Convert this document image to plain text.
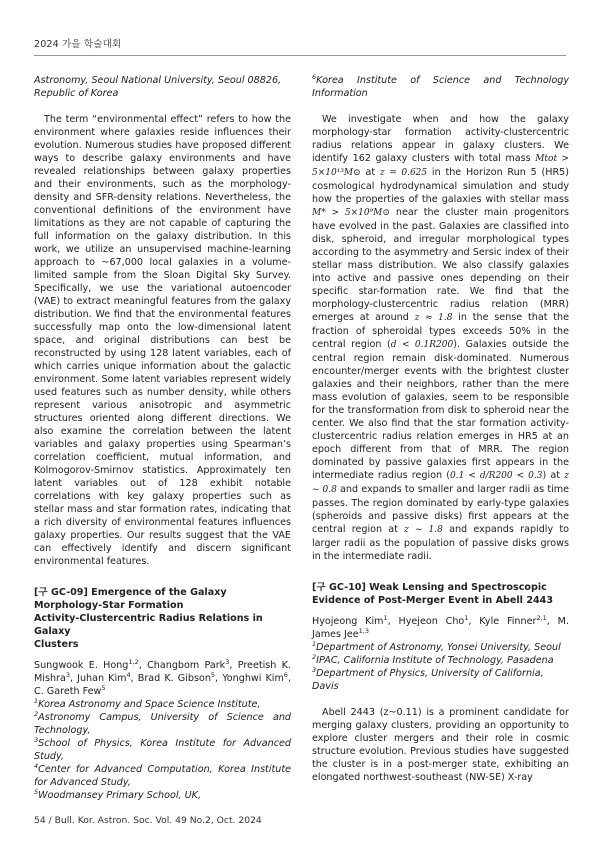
2024 가을 학술대회

Astronomy, Seoul National University, Seoul 08826,
Republic of Korea

The term “environmental effect” refers to how the environment where galaxies reside influences their evolution. Numerous studies have proposed different ways to describe galaxy environments and have revealed relationships between galaxy properties and their environments, such as the morphology-density and SFR-density relations. Nevertheless, the conventional definitions of the environment have limitations as they are not capable of capturing the full information on the galaxy distribution. In this work, we utilize an unsupervised machine-learning approach to ~67,000 local galaxies in a volume-limited sample from the Sloan Digital Sky Survey. Specifically, we use the variational autoencoder (VAE) to extract meaningful features from the galaxy distribution. We find that the environmental features successfully map onto the low-dimensional latent space, and original distributions can best be reconstructed by using 128 latent variables, each of which carries unique information about the galactic environment. Some latent variables represent widely used features such as number density, while others represent various anisotropic and asymmetric structures oriented along different directions. We also examine the correlation between the latent variables and galaxy properties using Spearman’s correlation coefficient, mutual information, and Kolmogorov-Smirnov statistics. Approximately ten latent variables out of 128 exhibit notable correlations with key galaxy properties such as stellar mass and star formation rates, indicating that a rich diversity of environmental features influences galaxy properties. Our results suggest that the VAE can effectively identify and discern significant environmental features.

[구 GC-09] Emergence of the Galaxy
Morphology-Star Formation
Activity-Clustercentric Radius Relations in Galaxy
Clusters

Sungwook E. Hong$^{1,2}$, Changbom Park$^3$, Preetish K. Mishra$^3$, Juhan Kim$^4$, Brad K. Gibson$^5$, Yonghwi Kim$^6$, C. Gareth Few$^5$

$^1$Korea Astronomy and Space Science Institute,
$^2$Astronomy Campus, University of Science and Technology,
$^3$School of Physics, Korea Institute for Advanced Study,
$^4$Center for Advanced Computation, Korea Institute for Advanced Study,
$^5$Woodmansey Primary School, UK,

$^6$Korea Institute of Science and Technology Information

We investigate when and how the galaxy morphology-star formation activity-clustercentric radius relations appear in galaxy clusters. We identify 162 galaxy clusters with total mass Mtot > 5×10¹³M⊙ at z = 0.625 in the Horizon Run 5 (HR5) cosmological hydrodynamical simulation and study how the properties of the galaxies with stellar mass M* > 5×10⁹M⊙ near the cluster main progenitors have evolved in the past. Galaxies are classified into disk, spheroid, and irregular morphological types according to the asymmetry and Sersic index of their stellar mass distribution. We also classify galaxies into active and passive ones depending on their specific star-formation rate. We find that the morphology-clustercentric radius relation (MRR) emerges at around z ≈ 1.8 in the sense that the fraction of spheroidal types exceeds 50% in the central region (d < 0.1R200). Galaxies outside the central region remain disk-dominated. Numerous encounter/merger events with the brightest cluster galaxies and their neighbors, rather than the mere mass evolution of galaxies, seem to be responsible for the transformation from disk to spheroid near the center. We also find that the star formation activity-clustercentric radius relation emerges in HR5 at an epoch different from that of MRR. The region dominated by passive galaxies first appears in the intermediate radius region (0.1 < d/R200 < 0.3) at z ~ 0.8 and expands to smaller and larger radii as time passes. The region dominated by early-type galaxies (spheroids and passive disks) first appears at the central region at z ~ 1.8 and expands rapidly to larger radii as the population of passive disks grows in the intermediate radii.

[구 GC-10] Weak Lensing and Spectroscopic
Evidence of Post-Merger Event in Abell 2443

Hyojeong Kim$^1$, Hyejeon Cho$^1$, Kyle Finner$^{2,1}$, M. James Jee$^{1,3}$

$^1$Department of Astronomy, Yonsei University, Seoul
$^2$IPAC, California Institute of Technology, Pasadena
$^3$Department of Physics, University of California, Davis

Abell 2443 (z~0.11) is a prominent candidate for merging galaxy clusters, providing an opportunity to explore cluster mergers and their role in cosmic structure evolution. Previous studies have suggested the cluster is in a post-merger state, exhibiting an elongated northwest-southeast (NW-SE) X-ray

54 / Bull. Kor. Astron. Soc. Vol. 49 No.2, Oct. 2024
